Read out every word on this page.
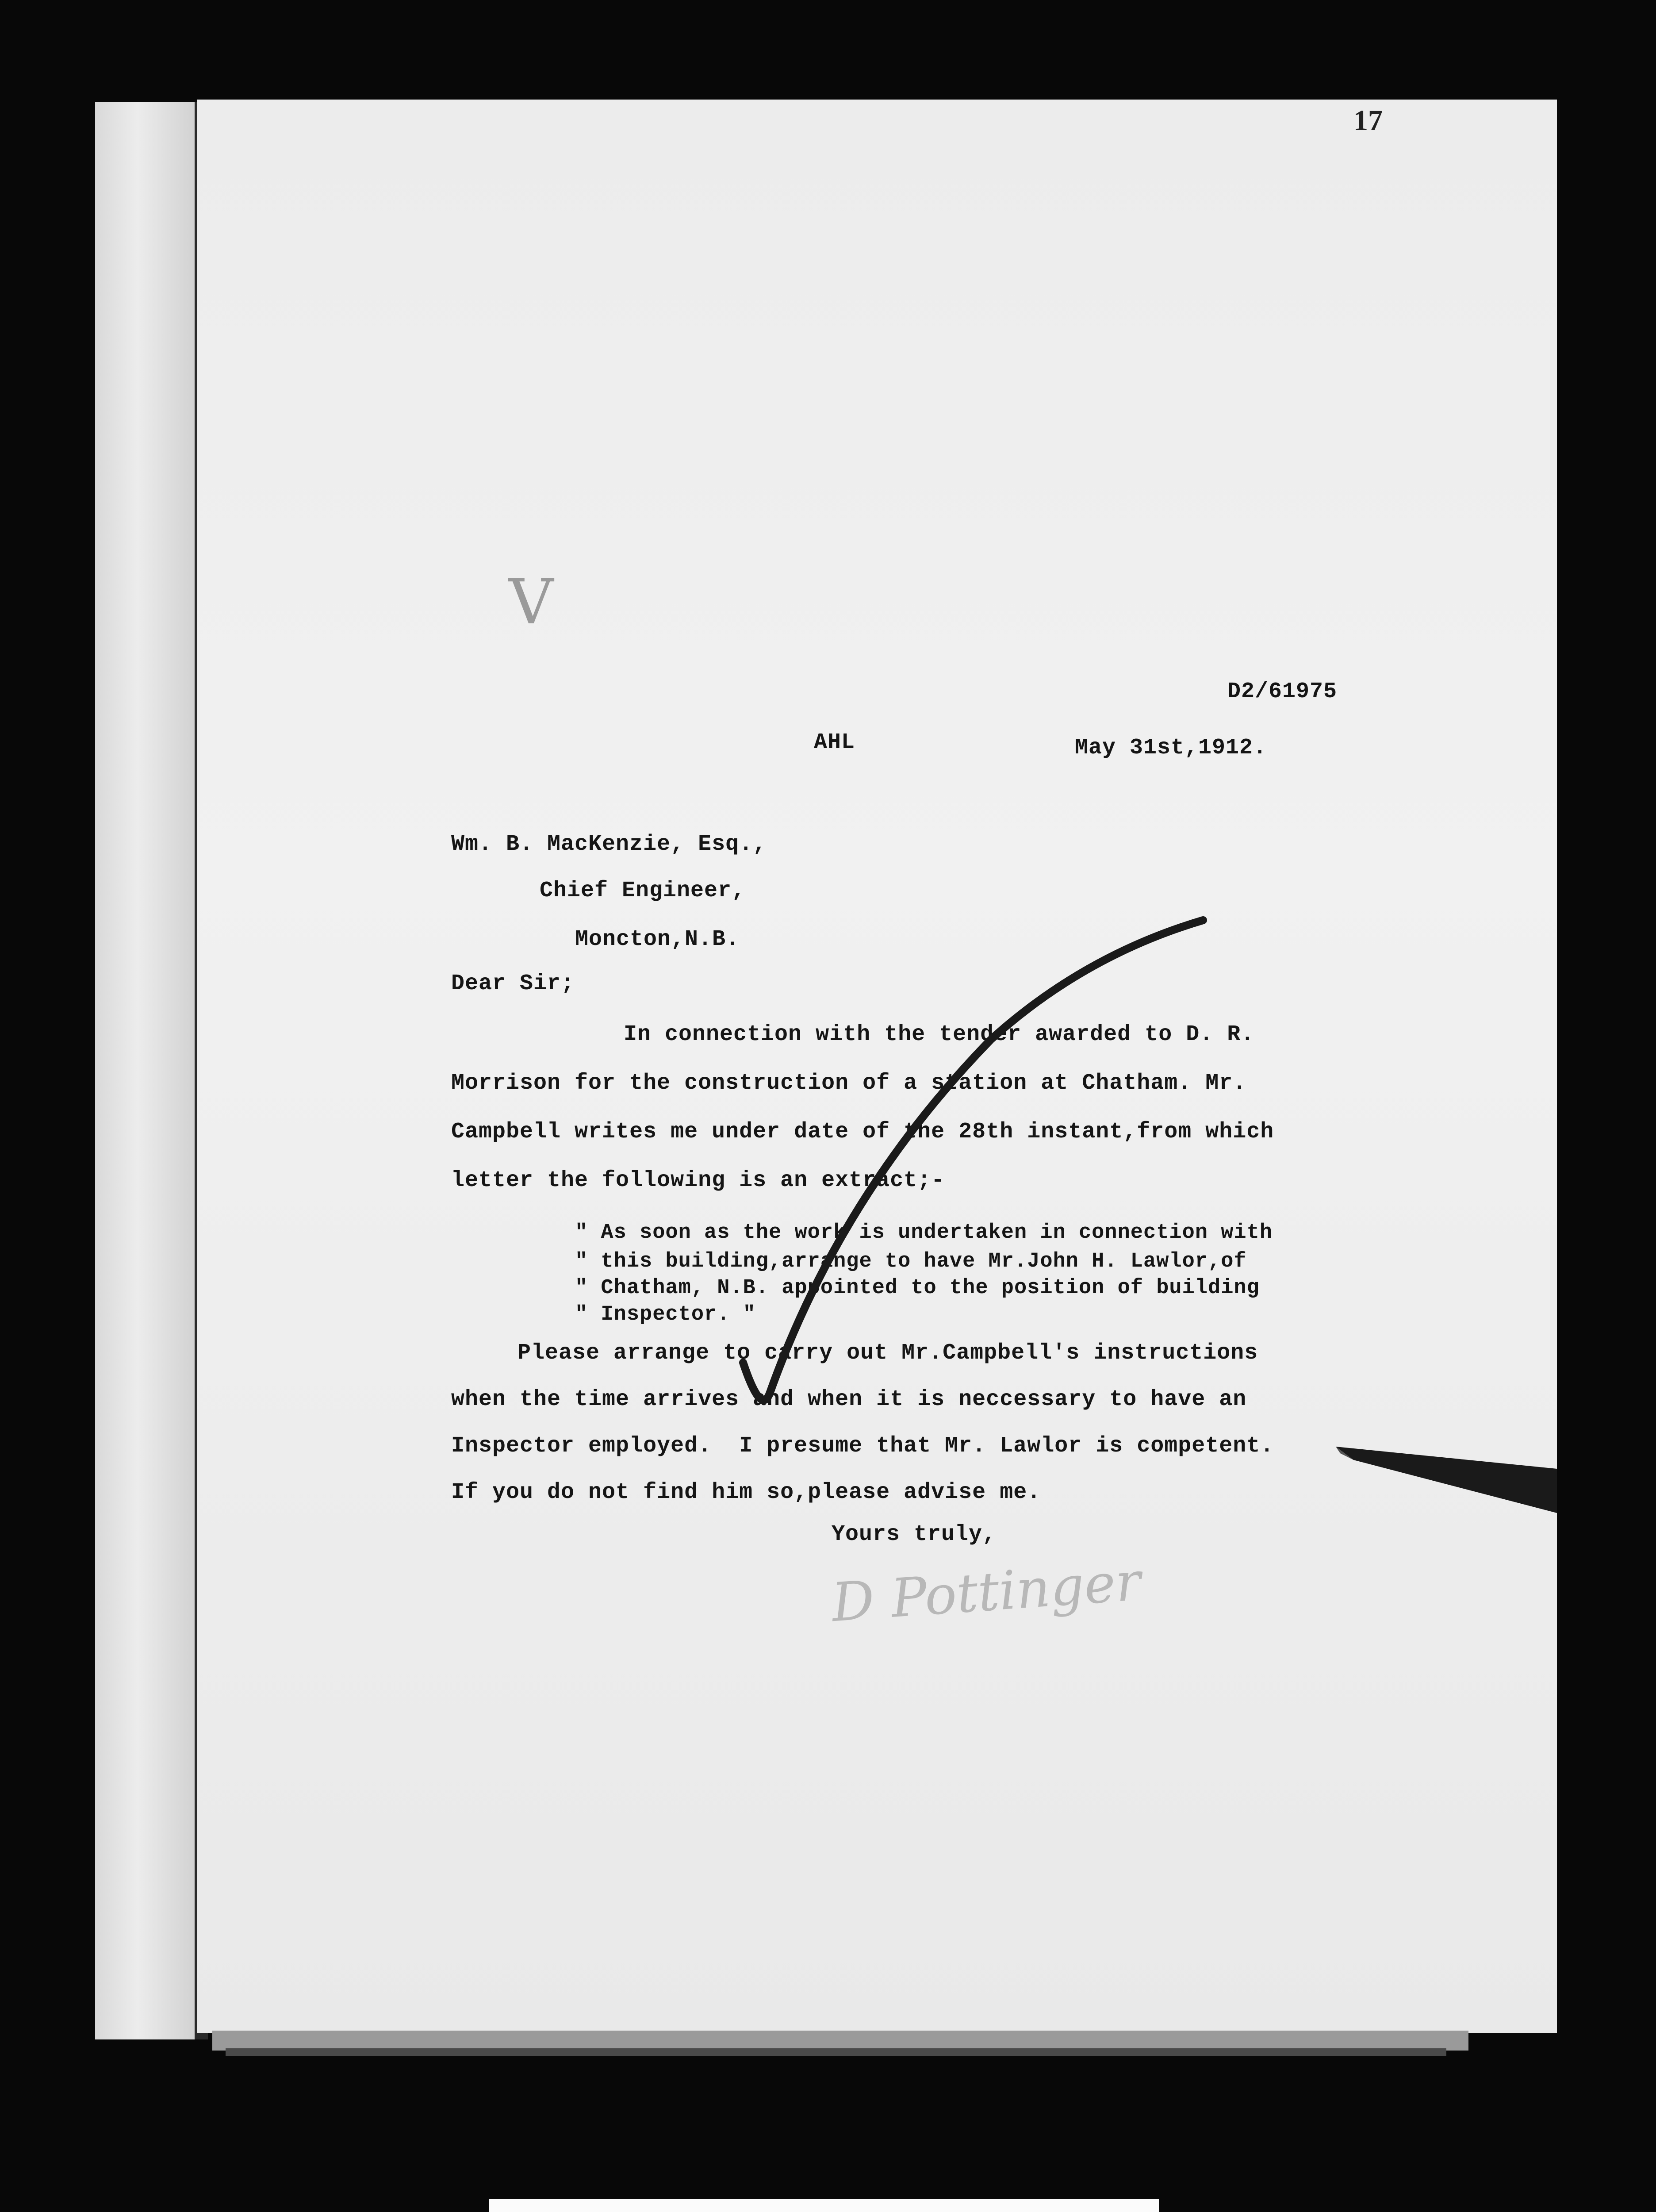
17
V
D2/61975
AHL	May 31st,1912.
Wm. B. MacKenzie, Esq.,
Chief Engineer,
Moncton,N.B.
Dear Sir;
In connection with the tender awarded to D. R.
Morrison for the construction of a station at Chatham. Mr.
Campbell writes me under date of the 28th instant,from which
letter the following is an extract;-
" As soon as the work is undertaken in connection with
" this building,arrange to have Mr.John H. Lawlor,of
" Chatham, N.B. appointed to the position of building
" Inspector. "
Please arrange to carry out Mr.Campbell's instructions
when the time arrives and when it is neccessary to have an
Inspector employed.  I presume that Mr. Lawlor is competent.
If you do not find him so,please advise me.
Yours truly,
D Pottinger
